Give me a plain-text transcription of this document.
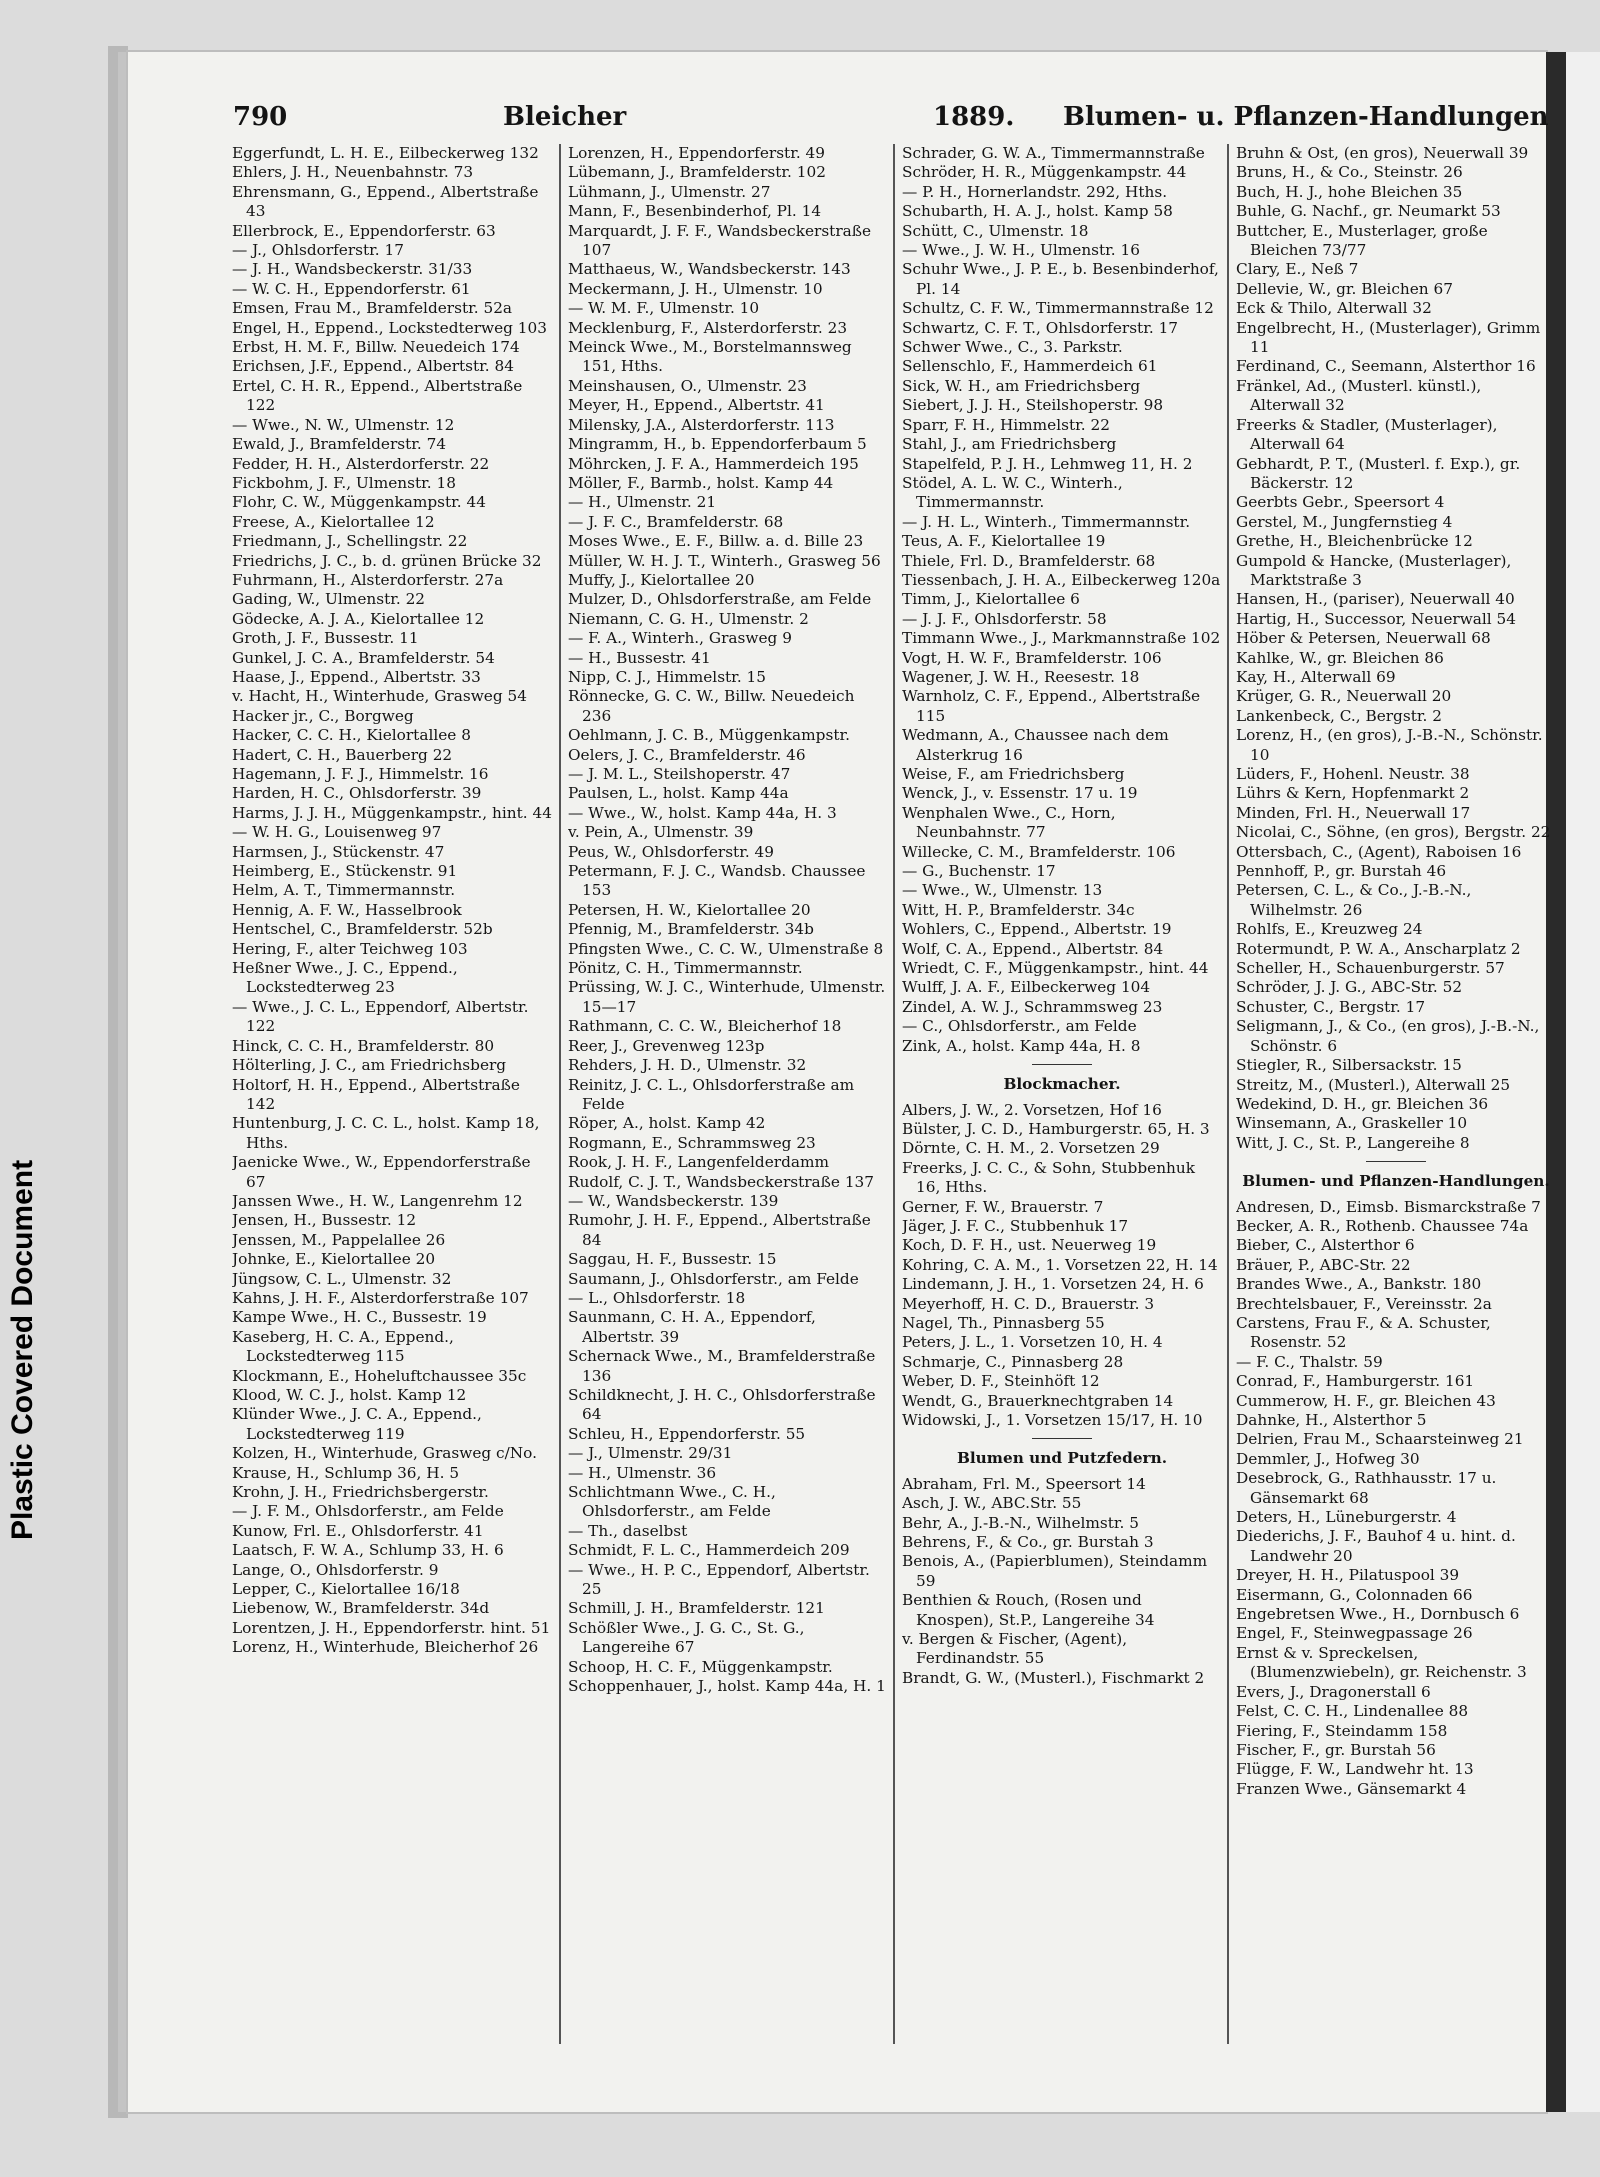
Plastic Covered Document
790	Bleicher	1889. Blumen- u. Pflanzen-Handlungen

Eggerfundt, L. H. E., Eilbeckerweg 132

Ehlers, J. H., Neuenbahnstr. 73

Ehrensmann, G., Eppend., Albertstraße 43

Ellerbrock, E., Eppendorferstr. 63

— J., Ohlsdorferstr. 17

— J. H., Wandsbeckerstr. 31/33

— W. C. H., Eppendorferstr. 61

Emsen, Frau M., Bramfelderstr. 52a

Engel, H., Eppend., Lockstedterweg 103

Erbst, H. M. F., Billw. Neuedeich 174

Erichsen, J.F., Eppend., Albertstr. 84

Ertel, C. H. R., Eppend., Albertstraße 122

— Wwe., N. W., Ulmenstr. 12

Ewald, J., Bramfelderstr. 74

Fedder, H. H., Alsterdorferstr. 22

Fickbohm, J. F., Ulmenstr. 18

Flohr, C. W., Müggenkampstr. 44

Freese, A., Kielortallee 12

Friedmann, J., Schellingstr. 22

Friedrichs, J. C., b. d. grünen Brücke 32

Fuhrmann, H., Alsterdorferstr. 27a

Gading, W., Ulmenstr. 22

Gödecke, A. J. A., Kielortallee 12

Groth, J. F., Bussestr. 11

Gunkel, J. C. A., Bramfelderstr. 54

Haase, J., Eppend., Albertstr. 33

v. Hacht, H., Winterhude, Grasweg 54

Hacker jr., C., Borgweg

Hacker, C. C. H., Kielortallee 8

Hadert, C. H., Bauerberg 22

Hagemann, J. F. J., Himmelstr. 16

Harden, H. C., Ohlsdorferstr. 39

Harms, J. J. H., Müggenkampstr., hint. 44

— W. H. G., Louisenweg 97

Harmsen, J., Stückenstr. 47

Heimberg, E., Stückenstr. 91

Helm, A. T., Timmermannstr.

Hennig, A. F. W., Hasselbrook

Hentschel, C., Bramfelderstr. 52b

Hering, F., alter Teichweg 103

Heßner Wwe., J. C., Eppend., Lockstedterweg 23

— Wwe., J. C. L., Eppendorf, Albertstr. 122

Hinck, C. C. H., Bramfelderstr. 80

Hölterling, J. C., am Friedrichsberg

Holtorf, H. H., Eppend., Albertstraße 142

Huntenburg, J. C. C. L., holst. Kamp 18, Hths.

Jaenicke Wwe., W., Eppendorferstraße 67

Janssen Wwe., H. W., Langenrehm 12

Jensen, H., Bussestr. 12

Jenssen, M., Pappelallee 26

Johnke, E., Kielortallee 20

Jüngsow, C. L., Ulmenstr. 32

Kahns, J. H. F., Alsterdorferstraße 107

Kampe Wwe., H. C., Bussestr. 19

Kaseberg, H. C. A., Eppend., Lockstedterweg 115

Klockmann, E., Hoheluftchaussee 35c

Klood, W. C. J., holst. Kamp 12

Klünder Wwe., J. C. A., Eppend., Lockstedterweg 119

Kolzen, H., Winterhude, Grasweg c/No.

Krause, H., Schlump 36, H. 5

Krohn, J. H., Friedrichsbergerstr.

— J. F. M., Ohlsdorferstr., am Felde

Kunow, Frl. E., Ohlsdorferstr. 41

Laatsch, F. W. A., Schlump 33, H. 6

Lange, O., Ohlsdorferstr. 9

Lepper, C., Kielortallee 16/18

Liebenow, W., Bramfelderstr. 34d

Lorentzen, J. H., Eppendorferstr. hint. 51

Lorenz, H., Winterhude, Bleicherhof 26

Lorenzen, H., Eppendorferstr. 49

Lübemann, J., Bramfelderstr. 102

Lühmann, J., Ulmenstr. 27

Mann, F., Besenbinderhof, Pl. 14

Marquardt, J. F. F., Wandsbeckerstraße 107

Matthaeus, W., Wandsbeckerstr. 143

Meckermann, J. H., Ulmenstr. 10

— W. M. F., Ulmenstr. 10

Mecklenburg, F., Alsterdorferstr. 23

Meinck Wwe., M., Borstelmannsweg 151, Hths.

Meinshausen, O., Ulmenstr. 23

Meyer, H., Eppend., Albertstr. 41

Milensky, J.A., Alsterdorferstr. 113

Mingramm, H., b. Eppendorferbaum 5

Möhrcken, J. F. A., Hammerdeich 195

Möller, F., Barmb., holst. Kamp 44

— H., Ulmenstr. 21

— J. F. C., Bramfelderstr. 68

Moses Wwe., E. F., Billw. a. d. Bille 23

Müller, W. H. J. T., Winterh., Grasweg 56

Muffy, J., Kielortallee 20

Mulzer, D., Ohlsdorferstraße, am Felde

Niemann, C. G. H., Ulmenstr. 2

— F. A., Winterh., Grasweg 9

— H., Bussestr. 41

Nipp, C. J., Himmelstr. 15

Rönnecke, G. C. W., Billw. Neuedeich 236

Oehlmann, J. C. B., Müggenkampstr.

Oelers, J. C., Bramfelderstr. 46

— J. M. L., Steilshoperstr. 47

Paulsen, L., holst. Kamp 44a

— Wwe., W., holst. Kamp 44a, H. 3

v. Pein, A., Ulmenstr. 39

Peus, W., Ohlsdorferstr. 49

Petermann, F. J. C., Wandsb. Chaussee 153

Petersen, H. W., Kielortallee 20

Pfennig, M., Bramfelderstr. 34b

Pfingsten Wwe., C. C. W., Ulmenstraße 8

Pönitz, C. H., Timmermannstr.

Prüssing, W. J. C., Winterhude, Ulmenstr. 15—17

Rathmann, C. C. W., Bleicherhof 18

Reer, J., Grevenweg 123p

Rehders, J. H. D., Ulmenstr. 32

Reinitz, J. C. L., Ohlsdorferstraße am Felde

Röper, A., holst. Kamp 42

Rogmann, E., Schrammsweg 23

Rook, J. H. F., Langenfelderdamm

Rudolf, C. J. T., Wandsbeckerstraße 137

— W., Wandsbeckerstr. 139

Rumohr, J. H. F., Eppend., Albertstraße 84

Saggau, H. F., Bussestr. 15

Saumann, J., Ohlsdorferstr., am Felde

— L., Ohlsdorferstr. 18

Saunmann, C. H. A., Eppendorf, Albertstr. 39

Schernack Wwe., M., Bramfelderstraße 136

Schildknecht, J. H. C., Ohlsdorferstraße 64

Schleu, H., Eppendorferstr. 55

— J., Ulmenstr. 29/31

— H., Ulmenstr. 36

Schlichtmann Wwe., C. H., Ohlsdorferstr., am Felde

— Th., daselbst

Schmidt, F. L. C., Hammerdeich 209

— Wwe., H. P. C., Eppendorf, Albertstr. 25

Schmill, J. H., Bramfelderstr. 121

Schößler Wwe., J. G. C., St. G., Langereihe 67

Schoop, H. C. F., Müggenkampstr.

Schoppenhauer, J., holst. Kamp 44a, H. 1

Schrader, G. W. A., Timmermannstraße

Schröder, H. R., Müggenkampstr. 44

— P. H., Hornerlandstr. 292, Hths.

Schubarth, H. A. J., holst. Kamp 58

Schütt, C., Ulmenstr. 18

— Wwe., J. W. H., Ulmenstr. 16

Schuhr Wwe., J. P. E., b. Besenbinderhof, Pl. 14

Schultz, C. F. W., Timmermannstraße 12

Schwartz, C. F. T., Ohlsdorferstr. 17

Schwer Wwe., C., 3. Parkstr.

Sellenschlo, F., Hammerdeich 61

Sick, W. H., am Friedrichsberg

Siebert, J. J. H., Steilshoperstr. 98

Sparr, F. H., Himmelstr. 22

Stahl, J., am Friedrichsberg

Stapelfeld, P. J. H., Lehmweg 11, H. 2

Stödel, A. L. W. C., Winterh., Timmermannstr.

— J. H. L., Winterh., Timmermannstr.

Teus, A. F., Kielortallee 19

Thiele, Frl. D., Bramfelderstr. 68

Tiessenbach, J. H. A., Eilbeckerweg 120a

Timm, J., Kielortallee 6

— J. J. F., Ohlsdorferstr. 58

Timmann Wwe., J., Markmannstraße 102

Vogt, H. W. F., Bramfelderstr. 106

Wagener, J. W. H., Reesestr. 18

Warnholz, C. F., Eppend., Albertstraße 115

Wedmann, A., Chaussee nach dem Alsterkrug 16

Weise, F., am Friedrichsberg

Wenck, J., v. Essenstr. 17 u. 19

Wenphalen Wwe., C., Horn, Neunbahnstr. 77

Willecke, C. M., Bramfelderstr. 106

— G., Buchenstr. 17

— Wwe., W., Ulmenstr. 13

Witt, H. P., Bramfelderstr. 34c

Wohlers, C., Eppend., Albertstr. 19

Wolf, C. A., Eppend., Albertstr. 84

Wriedt, C. F., Müggenkampstr., hint. 44

Wulff, J. A. F., Eilbeckerweg 104

Zindel, A. W. J., Schrammsweg 23

— C., Ohlsdorferstr., am Felde

Zink, A., holst. Kamp 44a, H. 8

Blockmacher.

Albers, J. W., 2. Vorsetzen, Hof 16

Bülster, J. C. D., Hamburgerstr. 65, H. 3

Dörnte, C. H. M., 2. Vorsetzen 29

Freerks, J. C. C., & Sohn, Stubbenhuk 16, Hths.

Gerner, F. W., Brauerstr. 7

Jäger, J. F. C., Stubbenhuk 17

Koch, D. F. H., ust. Neuerweg 19

Kohring, C. A. M., 1. Vorsetzen 22, H. 14

Lindemann, J. H., 1. Vorsetzen 24, H. 6

Meyerhoff, H. C. D., Brauerstr. 3

Nagel, Th., Pinnasberg 55

Peters, J. L., 1. Vorsetzen 10, H. 4

Schmarje, C., Pinnasberg 28

Weber, D. F., Steinhöft 12

Wendt, G., Brauerknechtgraben 14

Widowski, J., 1. Vorsetzen 15/17, H. 10

Blumen und Putzfedern.

Abraham, Frl. M., Speersort 14

Asch, J. W., ABC.Str. 55

Behr, A., J.-B.-N., Wilhelmstr. 5

Behrens, F., & Co., gr. Burstah 3

Benois, A., (Papierblumen), Steindamm 59

Benthien & Rouch, (Rosen und Knospen), St.P., Langereihe 34

v. Bergen & Fischer, (Agent), Ferdinandstr. 55

Brandt, G. W., (Musterl.), Fischmarkt 2

Bruhn & Ost, (en gros), Neuerwall 39

Bruns, H., & Co., Steinstr. 26

Buch, H. J., hohe Bleichen 35

Buhle, G. Nachf., gr. Neumarkt 53

Buttcher, E., Musterlager, große Bleichen 73/77

Clary, E., Neß 7

Dellevie, W., gr. Bleichen 67

Eck & Thilo, Alterwall 32

Engelbrecht, H., (Musterlager), Grimm 11

Ferdinand, C., Seemann, Alsterthor 16

Fränkel, Ad., (Musterl. künstl.), Alterwall 32

Freerks & Stadler, (Musterlager), Alterwall 64

Gebhardt, P. T., (Musterl. f. Exp.), gr. Bäckerstr. 12

Geerbts Gebr., Speersort 4

Gerstel, M., Jungfernstieg 4

Grethe, H., Bleichenbrücke 12

Gumpold & Hancke, (Musterlager), Marktstraße 3

Hansen, H., (pariser), Neuerwall 40

Hartig, H., Successor, Neuerwall 54

Höber & Petersen, Neuerwall 68

Kahlke, W., gr. Bleichen 86

Kay, H., Alterwall 69

Krüger, G. R., Neuerwall 20

Lankenbeck, C., Bergstr. 2

Lorenz, H., (en gros), J.-B.-N., Schönstr. 10

Lüders, F., Hohenl. Neustr. 38

Lührs & Kern, Hopfenmarkt 2

Minden, Frl. H., Neuerwall 17

Nicolai, C., Söhne, (en gros), Bergstr. 22

Ottersbach, C., (Agent), Raboisen 16

Pennhoff, P., gr. Burstah 46

Petersen, C. L., & Co., J.-B.-N., Wilhelmstr. 26

Rohlfs, E., Kreuzweg 24

Rotermundt, P. W. A., Anscharplatz 2

Scheller, H., Schauenburgerstr. 57

Schröder, J. J. G., ABC-Str. 52

Schuster, C., Bergstr. 17

Seligmann, J., & Co., (en gros), J.-B.-N., Schönstr. 6

Stiegler, R., Silbersackstr. 15

Streitz, M., (Musterl.), Alterwall 25

Wedekind, D. H., gr. Bleichen 36

Winsemann, A., Graskeller 10

Witt, J. C., St. P., Langereihe 8

Blumen- und Pflanzen-Handlungen.

Andresen, D., Eimsb. Bismarckstraße 7

Becker, A. R., Rothenb. Chaussee 74a

Bieber, C., Alsterthor 6

Bräuer, P., ABC-Str. 22

Brandes Wwe., A., Bankstr. 180

Brechtelsbauer, F., Vereinsstr. 2a

Carstens, Frau F., & A. Schuster, Rosenstr. 52

— F. C., Thalstr. 59

Conrad, F., Hamburgerstr. 161

Cummerow, H. F., gr. Bleichen 43

Dahnke, H., Alsterthor 5

Delrien, Frau M., Schaarsteinweg 21

Demmler, J., Hofweg 30

Desebrock, G., Rathhausstr. 17 u. Gänsemarkt 68

Deters, H., Lüneburgerstr. 4

Diederichs, J. F., Bauhof 4 u. hint. d. Landwehr 20

Dreyer, H. H., Pilatuspool 39

Eisermann, G., Colonnaden 66

Engebretsen Wwe., H., Dornbusch 6

Engel, F., Steinwegpassage 26

Ernst & v. Spreckelsen, (Blumenzwiebeln), gr. Reichenstr. 3

Evers, J., Dragonerstall 6

Felst, C. C. H., Lindenallee 88

Fiering, F., Steindamm 158

Fischer, F., gr. Burstah 56

Flügge, F. W., Landwehr ht. 13

Franzen Wwe., Gänsemarkt 4
